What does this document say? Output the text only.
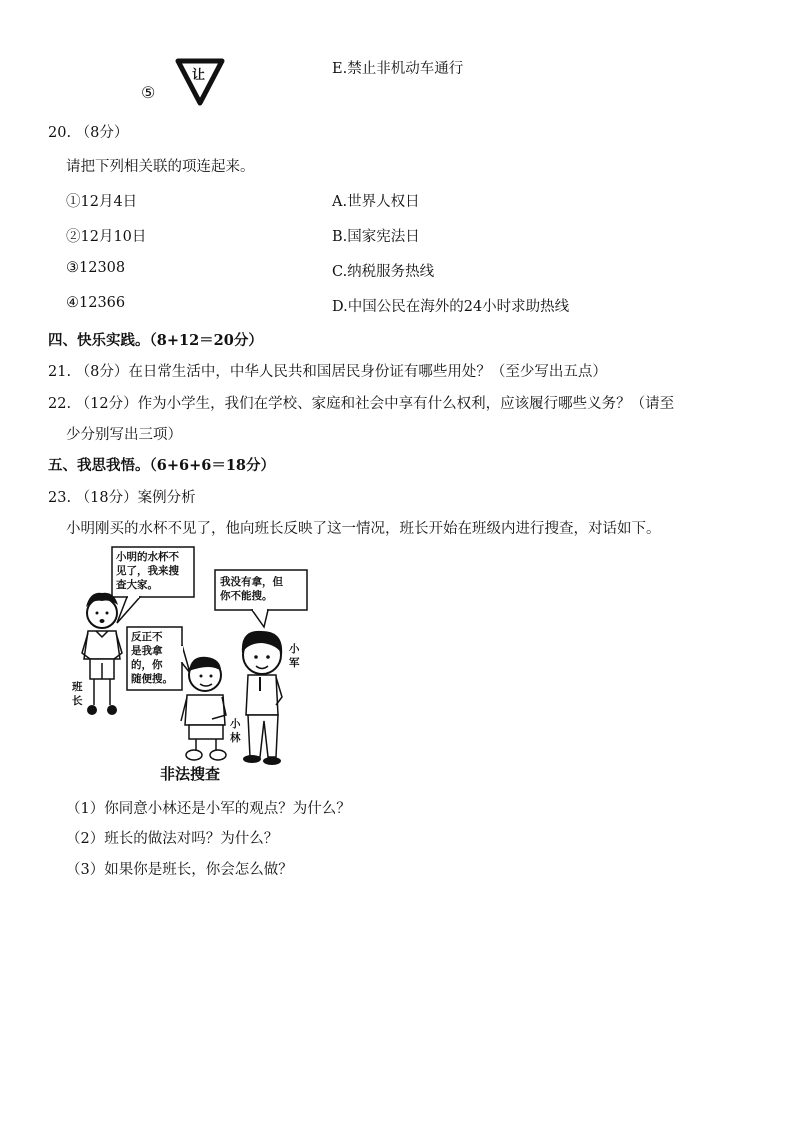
⑤
让	E.禁止非机动车通行
20. （8分）
请把下列相关联的项连起来。
①12月4日
②12月10日
③12308
④12366
A.世界人权日
B.国家宪法日
C.纳税服务热线
D.中国公民在海外的24小时求助热线
四、快乐实践。（8+12＝20分）
21. （8分）在日常生活中，中华人民共和国居民身份证有哪些用处？（至少写出五点）
22. （12分）作为小学生，我们在学校、家庭和社会中享有什么权利，应该履行哪些义务？（请至
少分别写出三项）
五、我思我悟。（6+6+6＝18分）
23. （18分）案例分析
小明刚买的水杯不见了，他向班长反映了这一情况，班长开始在班级内进行搜查，对话如下。
小明的水杯不
见了，我来搜
查大家。	我没有拿，但
你不能搜。
反正不
是我拿
的，你
随便搜。
班长
小军
小林
非法搜查
（1）你同意小林还是小军的观点？为什么？
（2）班长的做法对吗？为什么？
（3）如果你是班长，你会怎么做？
